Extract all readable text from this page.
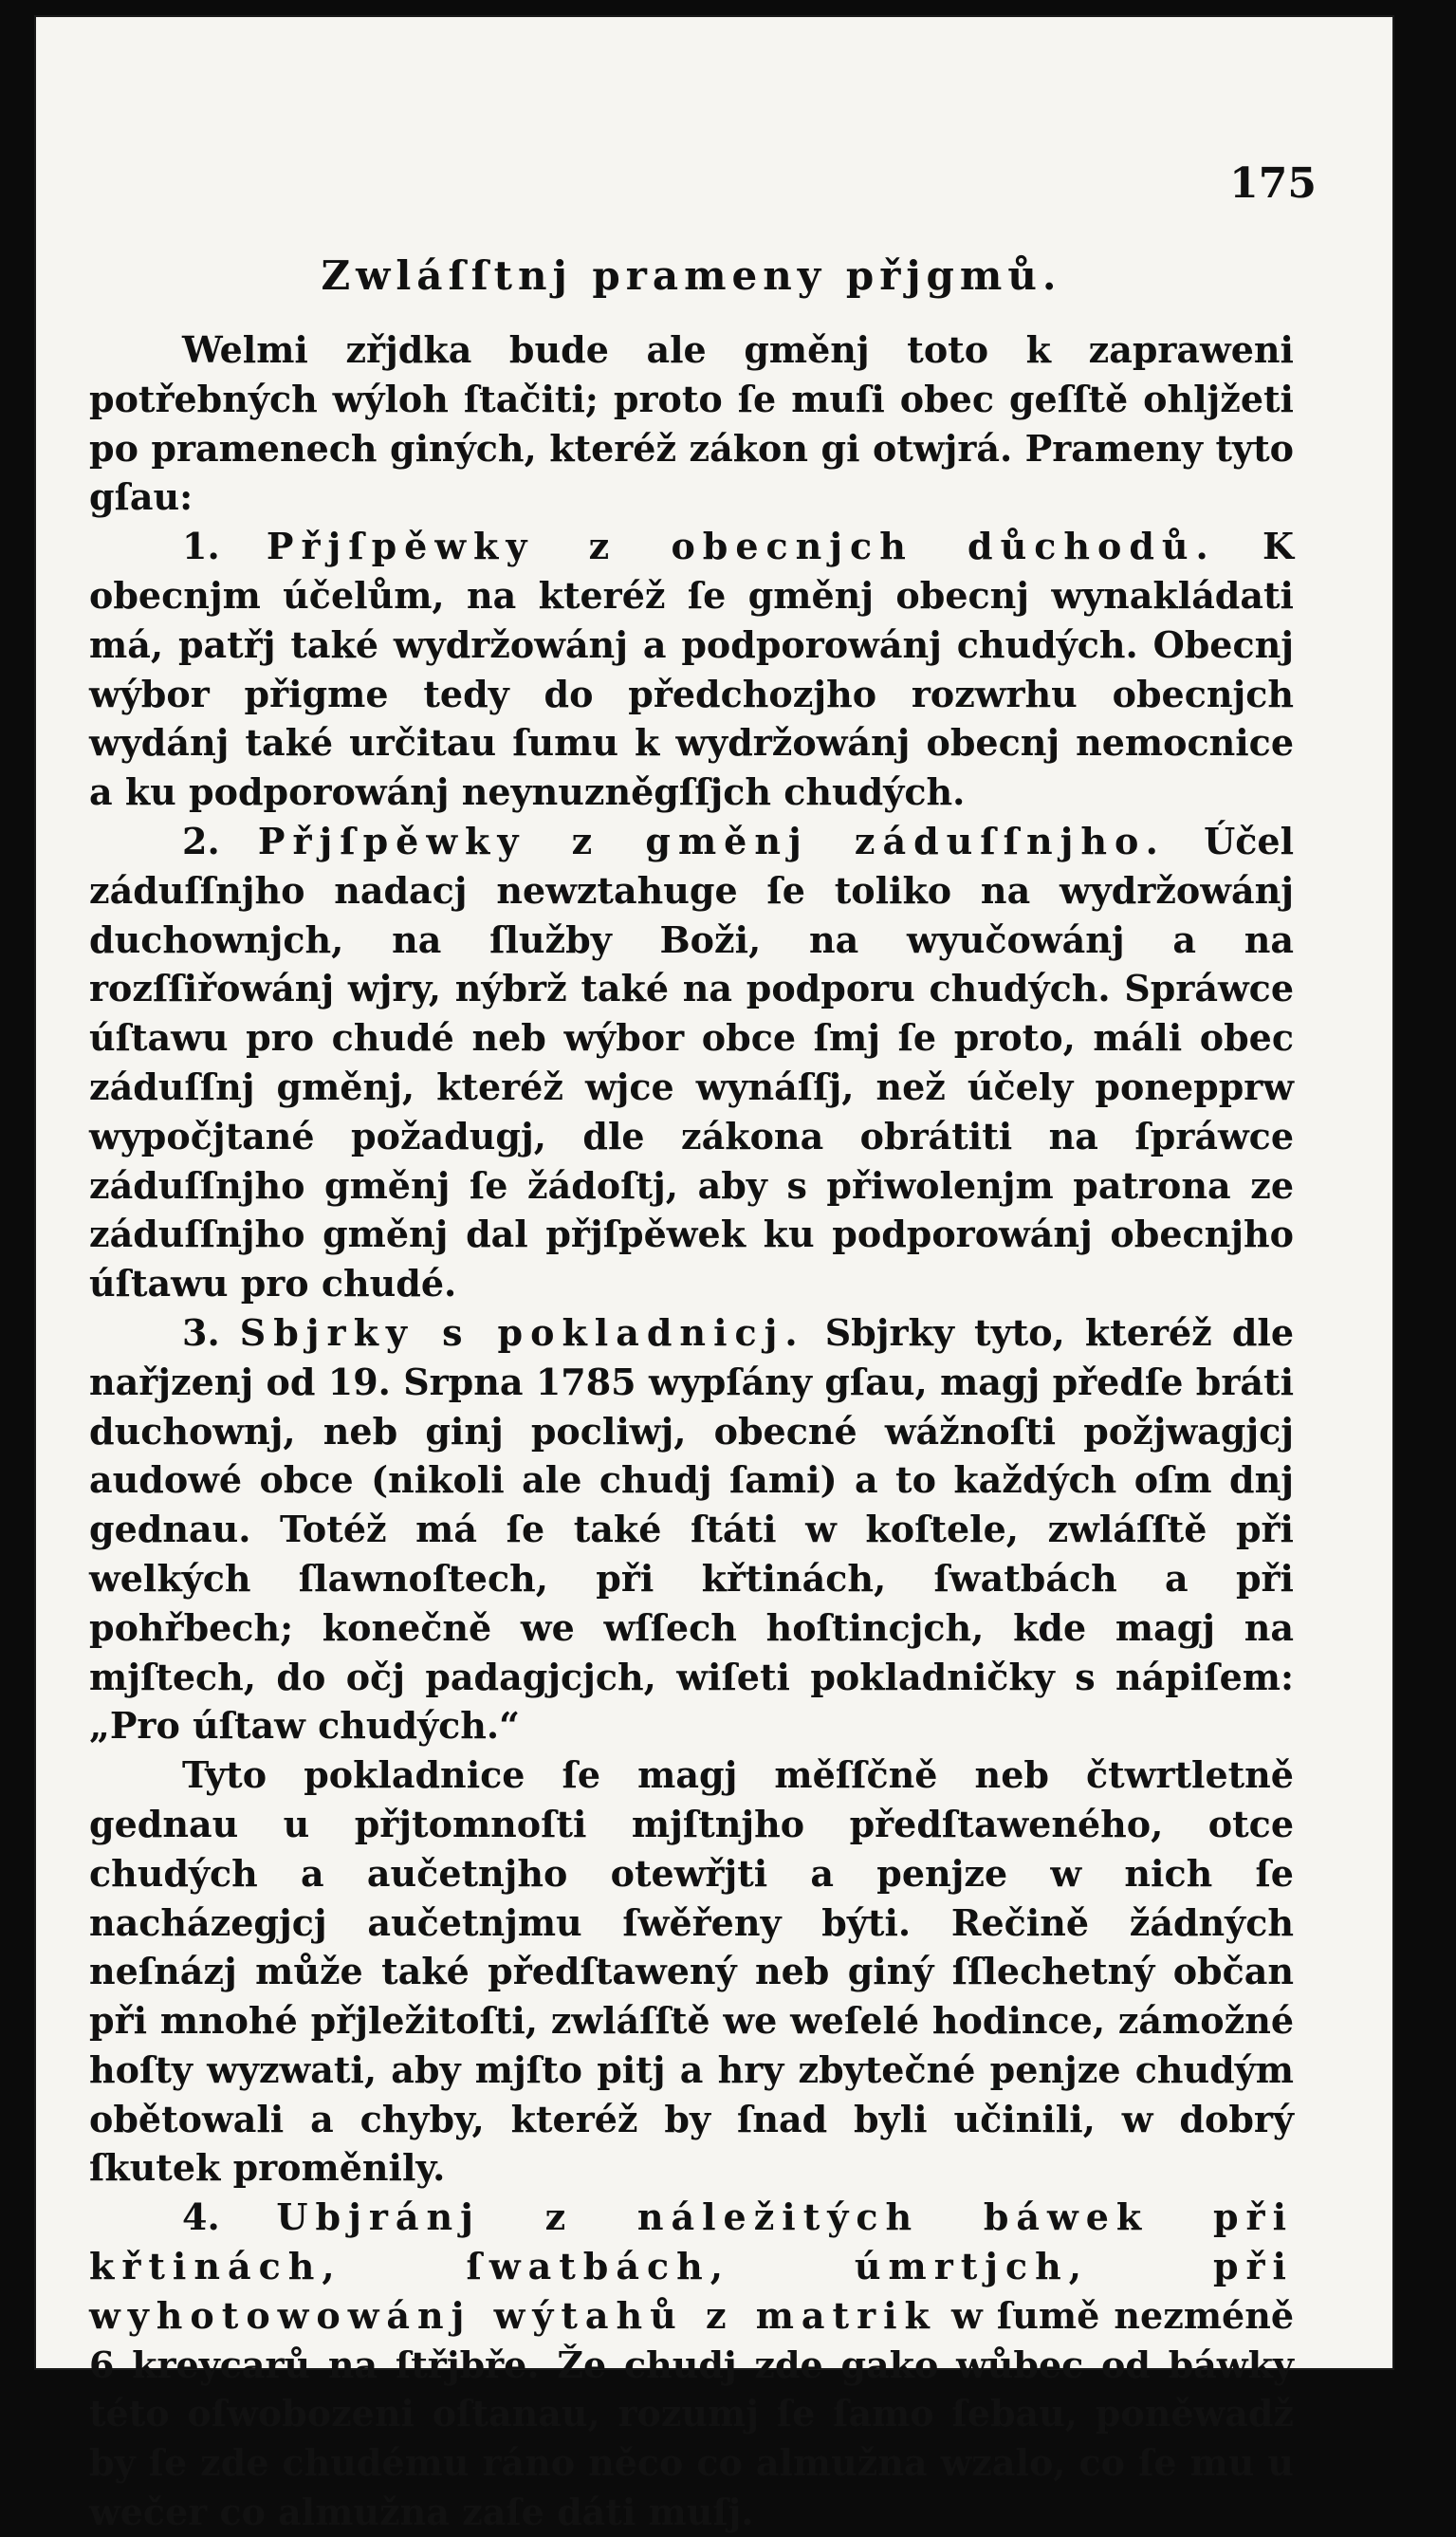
175
Zwláſſtnj prameny přjgmů.

Welmi zřjdka bude ale gměnj toto k zapraweni potřebných wýloh ſtačiti; proto ſe muſi obec geſſtě ohljžeti po pramenech giných, kteréž zákon gi otwjrá. Prameny tyto gſau:

1. Přjſpěwky z obecnjch důchodů. K obecnjm účelům, na kteréž ſe gměnj obecnj wynakládati má, patřj také wydržowánj a podporowánj chudých. Obecnj wýbor přigme tedy do předchozjho rozwrhu obecnjch wydánj také určitau ſumu k wydržowánj obecnj nemocnice a ku podporowánj neynuzněgſſjch chudých.

2. Přjſpěwky z gměnj záduſſnjho. Účel záduſſnjho nadacj newztahuge ſe toliko na wydržowánj duchownjch, na ſlužby Boži, na wyučowánj a na rozſſiřowánj wjry, nýbrž také na podporu chudých. Spráwce úſtawu pro chudé neb wýbor obce ſmj ſe proto, máli obec záduſſnj gměnj, kteréž wjce wynáſſj, než účely ponepprw wypočjtané požadugj, dle zákona obrátiti na ſpráwce záduſſnjho gměnj ſe žádoſtj, aby s přiwolenjm patrona ze záduſſnjho gměnj dal přjſpěwek ku podporowánj obecnjho úſtawu pro chudé.

3. Sbjrky s pokladnicj. Sbjrky tyto, kteréž dle nařjzenj od 19. Srpna 1785 wypſány gſau, magj předſe bráti duchownj, neb ginj pocliwj, obecné wážnoſti požjwagjcj audowé obce (nikoli ale chudj ſami) a to každých oſm dnj gednau. Totéž má ſe také ſtáti w koſtele, zwláſſtě při welkých ſlawnoſtech, při křtinách, ſwatbách a při pohřbech; konečně we wſſech hoſtincjch, kde magj na mjſtech, do očj padagjcjch, wiſeti pokladničky s nápiſem: „Pro úſtaw chudých.“

Tyto pokladnice ſe magj měſſčně neb čtwrtletně gednau u přjtomnoſti mjſtnjho předſtaweného, otce chudých a aučetnjho otewřjti a penjze w nich ſe nacházegjcj aučetnjmu ſwěřeny býti. Rečině žádných neſnázj může také předſtawený neb giný ſſlechetný občan při mnohé přjležitoſti, zwláſſtě we weſelé hodince, zámožné hoſty wyzwati, aby mjſto pitj a hry zbytečné penjze chudým obětowali a chyby, kteréž by ſnad byli učinili, w dobrý ſkutek proměnily.

4. Ubjránj z náležitých báwek při křtinách, ſwatbách, úmrtjch, při wyhotowowánj wýtahů z matrik w ſumě nezméně 6 kreycarů na ſtřjbře. Že chudj zde gako wůbec od báwky této oſwobozeni oſtanau, rozumj ſe ſamo ſebau, poněwadž by ſe zde chudému ráno něco co almužna wzalo, co ſe mu u wečer co almužna zaſe dáti muſj.
